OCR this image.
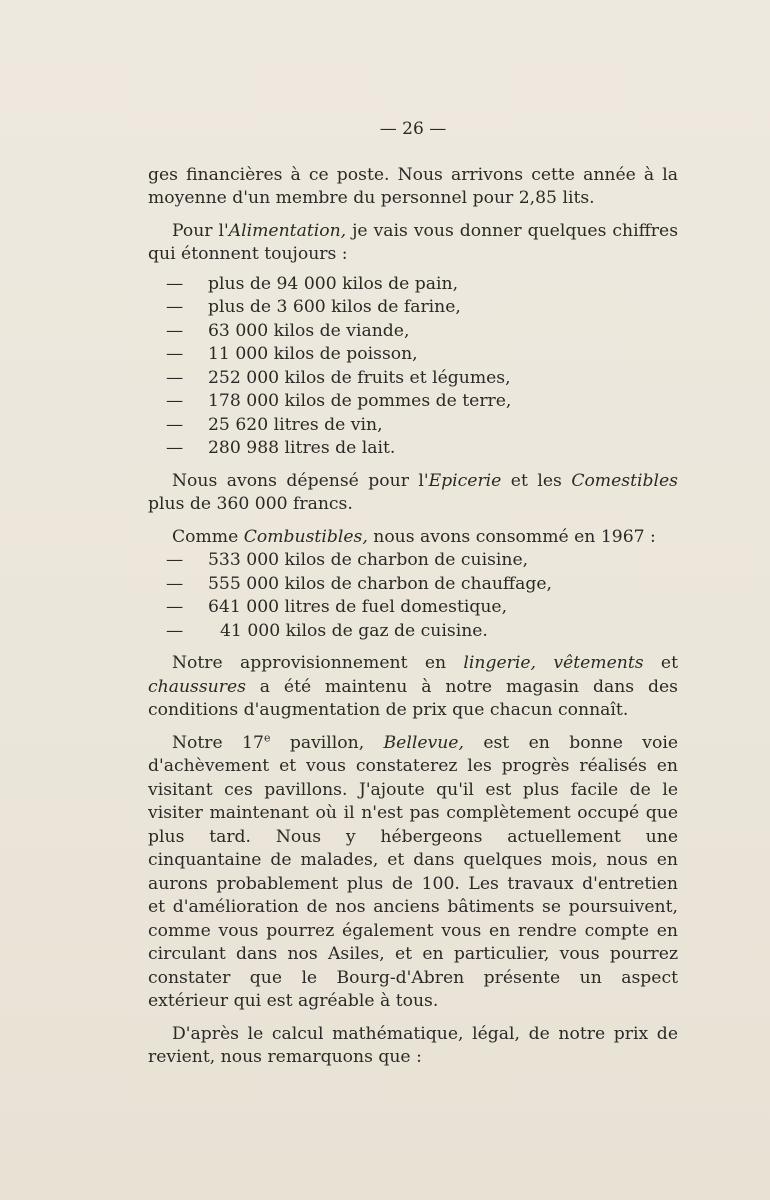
— 26 —

ges financières à ce poste. Nous arrivons cette année à la moyenne d'un membre du personnel pour 2,85 lits.

Pour l'Alimentation, je vais vous donner quelques chiffres qui étonnent toujours :

—	plus de 94 000 kilos de pain,
—	plus de 3 600 kilos de farine,
—	63 000 kilos de viande,
—	11 000 kilos de poisson,
—	252 000 kilos de fruits et légumes,
—	178 000 kilos de pommes de terre,
—	25 620 litres de vin,
—	280 988 litres de lait.

Nous avons dépensé pour l'Epicerie et les Comestibles plus de 360 000 francs.

Comme Combustibles, nous avons consommé en 1967 :

—	533 000 kilos de charbon de cuisine,
—	555 000 kilos de charbon de chauffage,
—	641 000 litres de fuel domestique,
—	41 000 kilos de gaz de cuisine.

Notre approvisionnement en lingerie, vêtements et chaussures a été maintenu à notre magasin dans des conditions d'augmentation de prix que chacun connaît.

Notre 17e pavillon, Bellevue, est en bonne voie d'achèvement et vous constaterez les progrès réalisés en visitant ces pavillons. J'ajoute qu'il est plus facile de le visiter maintenant où il n'est pas complètement occupé que plus tard. Nous y hébergeons actuellement une cinquantaine de malades, et dans quelques mois, nous en aurons probablement plus de 100. Les travaux d'entretien et d'amélioration de nos anciens bâtiments se poursuivent, comme vous pourrez également vous en rendre compte en circulant dans nos Asiles, et en particulier, vous pourrez constater que le Bourg-d'Abren présente un aspect extérieur qui est agréable à tous.

D'après le calcul mathématique, légal, de notre prix de revient, nous remarquons que :
